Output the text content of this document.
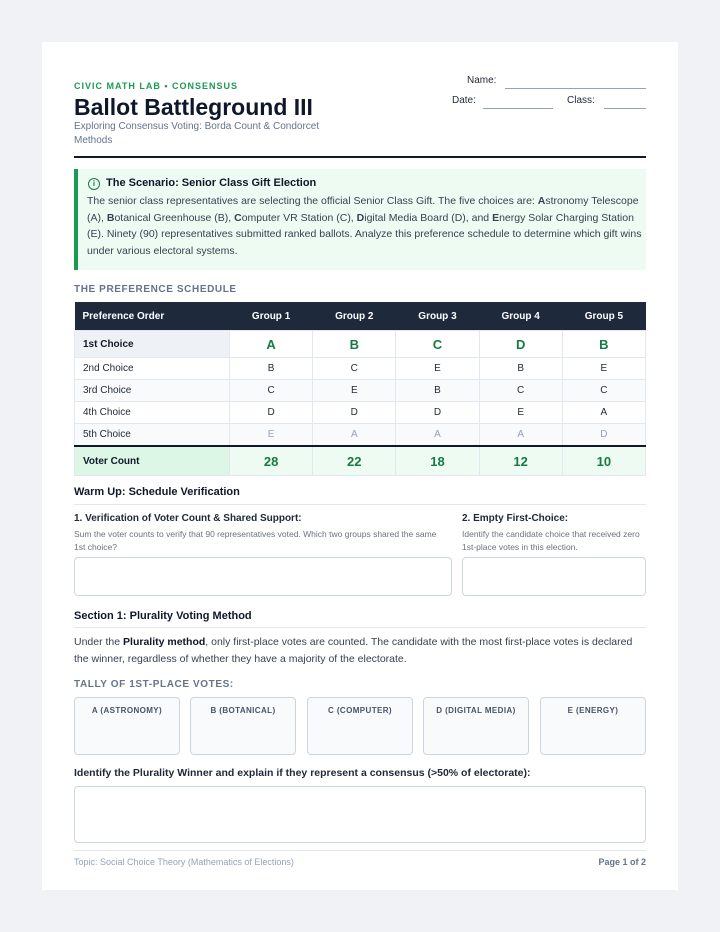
CIVIC MATH LAB • CONSENSUS
Ballot Battleground III
Exploring Consensus Voting: Borda Count & Condorcet Methods
Name:
Date:	Class:
i The Scenario: Senior Class Gift Election
The senior class representatives are selecting the official Senior Class Gift. The five choices are: Astronomy Telescope (A), Botanical Greenhouse (B), Computer VR Station (C), Digital Media Board (D), and Energy Solar Charging Station (E). Ninety (90) representatives submitted ranked ballots. Analyze this preference schedule to determine which gift wins under various electoral systems.
THE PREFERENCE SCHEDULE
Preference Order	Group 1	Group 2	Group 3	Group 4	Group 5
1st Choice	A	B	C	D	B
2nd Choice	B	C	E	B	E
3rd Choice	C	E	B	C	C
4th Choice	D	D	D	E	A
5th Choice	E	A	A	A	D
Voter Count	28	22	18	12	10
Warm Up: Schedule Verification
1. Verification of Voter Count & Shared Support:
Sum the voter counts to verify that 90 representatives voted. Which two groups shared the same 1st choice?
2. Empty First-Choice:
Identify the candidate choice that received zero 1st-place votes in this election.
Section 1: Plurality Voting Method
Under the Plurality method, only first-place votes are counted. The candidate with the most first-place votes is declared the winner, regardless of whether they have a majority of the electorate.
TALLY OF 1ST-PLACE VOTES:
A (ASTRONOMY)	B (BOTANICAL)	C (COMPUTER)	D (DIGITAL MEDIA)	E (ENERGY)
Identify the Plurality Winner and explain if they represent a consensus (>50% of electorate):
Topic: Social Choice Theory (Mathematics of Elections)	Page 1 of 2
